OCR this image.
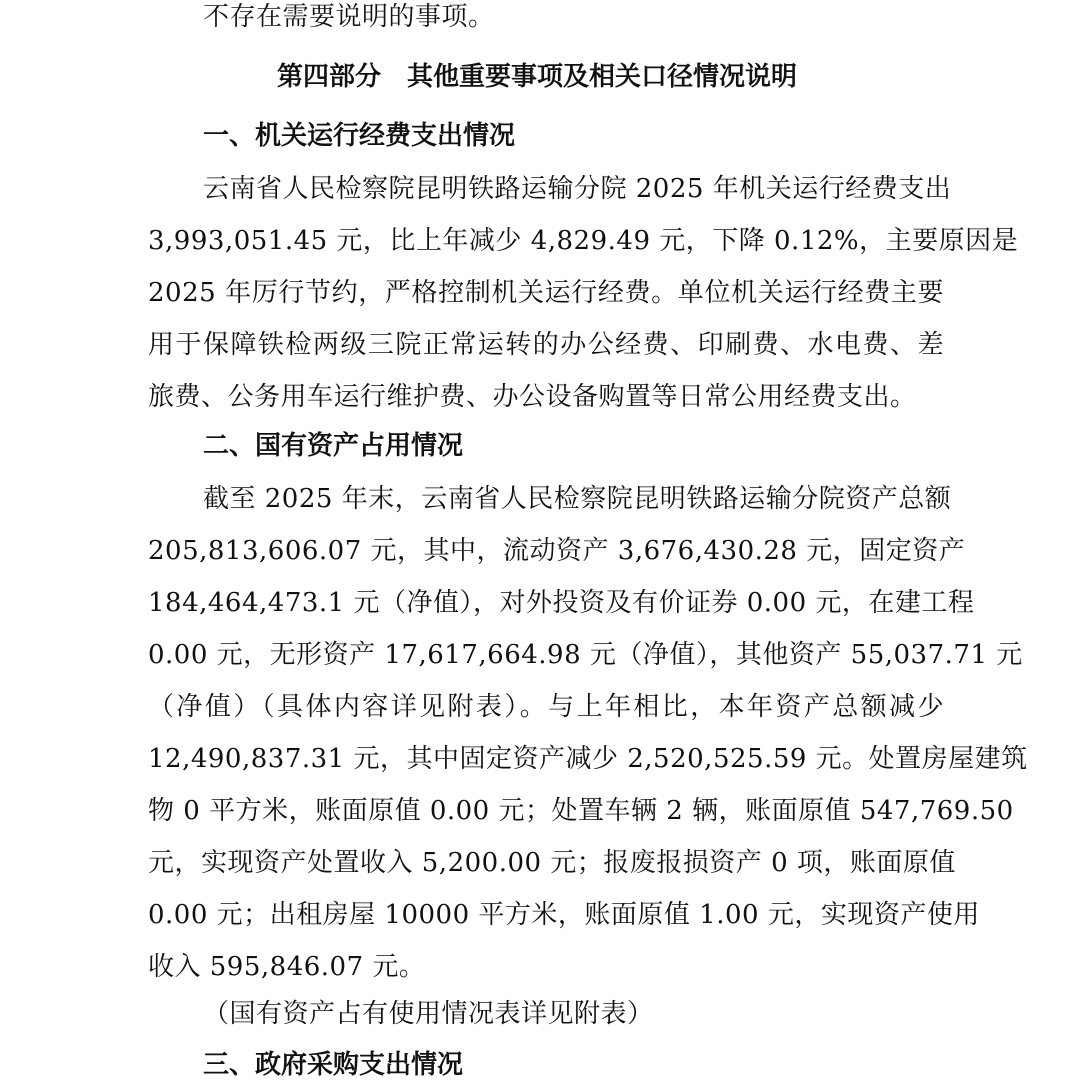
不存在需要说明的事项。
第四部分　其他重要事项及相关口径情况说明
一、机关运行经费支出情况
云南省人民检察院昆明铁路运输分院 2025 年机关运行经费支出
3,993,051.45 元，比上年减少 4,829.49 元，下降 0.12%，主要原因是
2025 年厉行节约，严格控制机关运行经费。单位机关运行经费主要
用于保障铁检两级三院正常运转的办公经费、印刷费、水电费、差
旅费、公务用车运行维护费、办公设备购置等日常公用经费支出。
二、国有资产占用情况
截至 2025 年末，云南省人民检察院昆明铁路运输分院资产总额
205,813,606.07 元，其中，流动资产 3,676,430.28 元，固定资产
184,464,473.1 元（净值），对外投资及有价证券 0.00 元，在建工程
0.00 元，无形资产 17,617,664.98 元（净值），其他资产 55,037.71 元
（净值）（具体内容详见附表）。与上年相比，本年资产总额减少
12,490,837.31 元，其中固定资产减少 2,520,525.59 元。处置房屋建筑
物 0 平方米，账面原值 0.00 元；处置车辆 2 辆，账面原值 547,769.50
元，实现资产处置收入 5,200.00 元；报废报损资产 0 项，账面原值
0.00 元；出租房屋 10000 平方米，账面原值 1.00 元，实现资产使用
收入 595,846.07 元。
（国有资产占有使用情况表详见附表）
三、政府采购支出情况
